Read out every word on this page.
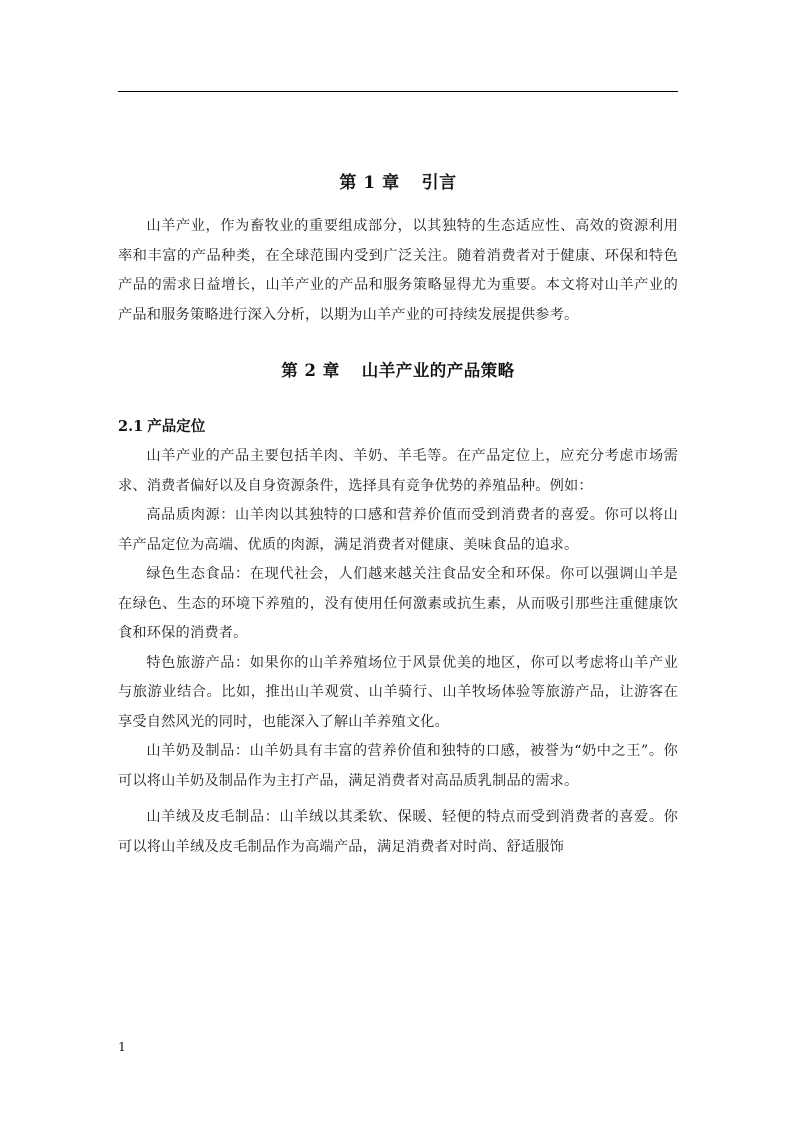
第 1 章 引言

山羊产业，作为畜牧业的重要组成部分，以其独特的生态适应性、高效的资源利用率和丰富的产品种类，在全球范围内受到广泛关注。随着消费者对于健康、环保和特色产品的需求日益增长，山羊产业的产品和服务策略显得尤为重要。本文将对山羊产业的产品和服务策略进行深入分析，以期为山羊产业的可持续发展提供参考。

第 2 章 山羊产业的产品策略
2.1 产品定位

山羊产业的产品主要包括羊肉、羊奶、羊毛等。在产品定位上，应充分考虑市场需求、消费者偏好以及自身资源条件，选择具有竞争优势的养殖品种。例如：

高品质肉源：山羊肉以其独特的口感和营养价值而受到消费者的喜爱。你可以将山羊产品定位为高端、优质的肉源，满足消费者对健康、美味食品的追求。

绿色生态食品：在现代社会，人们越来越关注食品安全和环保。你可以强调山羊是在绿色、生态的环境下养殖的，没有使用任何激素或抗生素，从而吸引那些注重健康饮食和环保的消费者。

特色旅游产品：如果你的山羊养殖场位于风景优美的地区，你可以考虑将山羊产业与旅游业结合。比如，推出山羊观赏、山羊骑行、山羊牧场体验等旅游产品，让游客在享受自然风光的同时，也能深入了解山羊养殖文化。

山羊奶及制品：山羊奶具有丰富的营养价值和独特的口感，被誉为“奶中之王”。你可以将山羊奶及制品作为主打产品，满足消费者对高品质乳制品的需求。

山羊绒及皮毛制品：山羊绒以其柔软、保暖、轻便的特点而受到消费者的喜爱。你可以将山羊绒及皮毛制品作为高端产品，满足消费者对时尚、舒适服饰

1
